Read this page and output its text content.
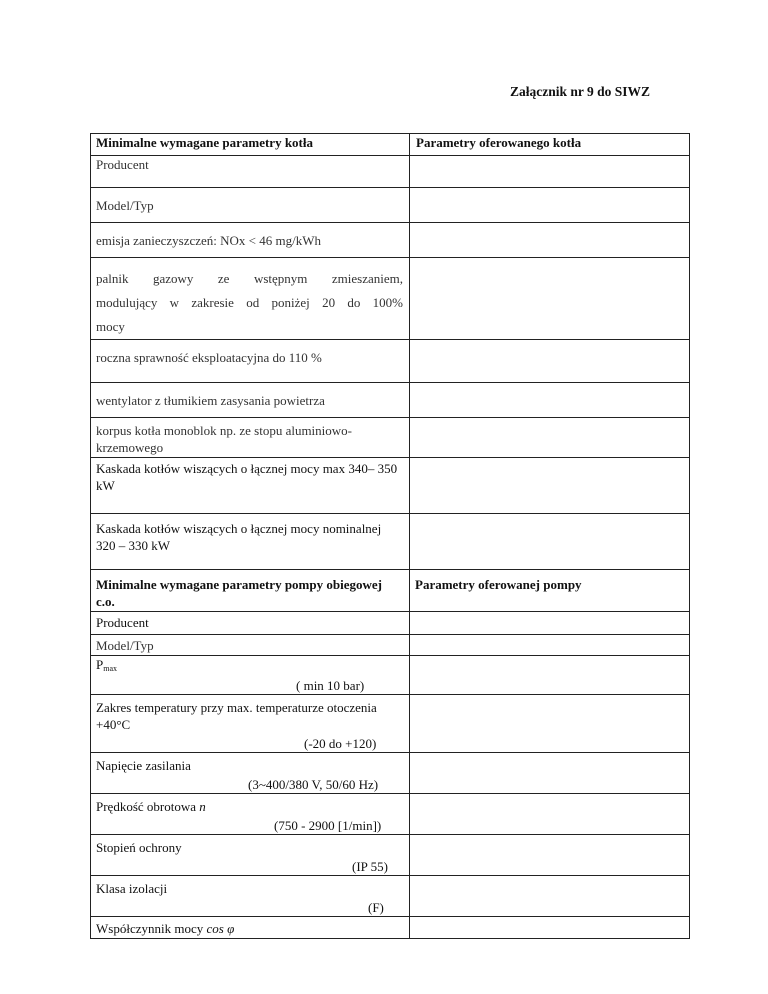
Załącznik nr 9 do SIWZ
Minimalne wymagane parametry kotła	Parametry oferowanego kotła
Producent	
Model/Typ	
emisja zanieczyszczeń: NOx < 46 mg/kWh	

palnik gazowy ze wstępnym zmieszaniem,
modulujący w zakresie od poniżej 20 do 100%
mocy	
roczna sprawność eksploatacyjna do 110 %	
wentylator z tłumikiem zasysania powietrza	
korpus kotła monoblok np. ze stopu aluminiowo-krzemowego	
Kaskada kotłów wiszących o łącznej mocy max 340– 350 kW	
Kaskada kotłów wiszących o łącznej mocy nominalnej 320 – 330 kW	
Minimalne wymagane parametry pompy obiegowej c.o.	Parametry oferowanej pompy
Producent	
Model/Typ	

$P_{max}$
( min 10 bar)	

Zakres temperatury przy max. temperaturze otoczenia +40°C
(-20 do +120)	

Napięcie zasilania
(3~400/380 V, 50/60 Hz)	

Prędkość obrotowa n
(750 - 2900 [1/min])	

Stopień ochrony
(IP 55)	

Klasa izolacji
(F)	

Współczynnik mocy cos φ	
